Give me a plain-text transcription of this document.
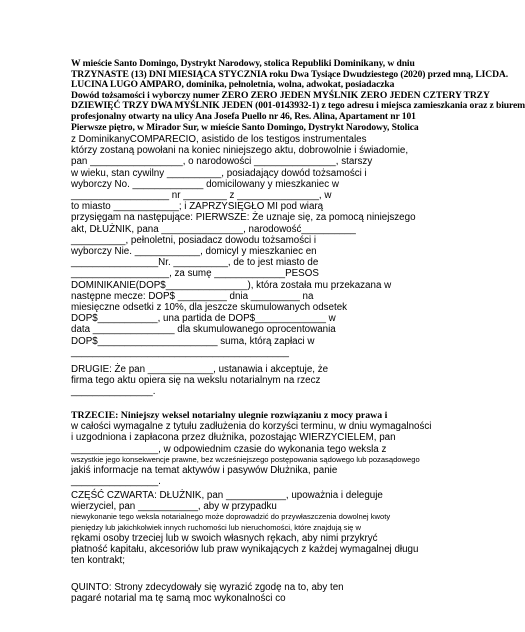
W mieście Santo Domingo, Dystrykt Narodowy, stolica Republiki Dominikany, w dniu
TRZYNASTE (13) DNI MIESIĄCA STYCZNIA roku Dwa Tysiące Dwudziestego (2020) przed mną, LICDA.
LUCINA LUGO AMPARO, dominika, pełnoletnia, wolna, adwokat, posiadaczka
Dowód tożsamości i wyborczy numer ZERO ZERO JEDEN MYŚLNIK ZERO JEDEN CZTERY TRZY
DZIEWIĘĆ TRZY DWA MYŚLNIK JEDEN (001-0143932-1) z tego adresu i miejsca zamieszkania oraz z biurem
profesjonalny otwarty na ulicy Ana Josefa Puello nr 46, Res. Alina, Apartament nr 101
Pierwsze piętro, w Mirador Sur, w mieście Santo Domingo, Dystrykt Narodowy, Stolica
z DominikanyCOMPARECIO, asistido de los testigos instrumentales
którzy zostaną powołani na koniec niniejszego aktu, dobrowolnie i świadomie,
pan _________________, o narodowości _______________, starszy
w wieku, stan cywilny __________, posiadający dowód tożsamości i
wyborczy No. _____________ domicilowany y mieszkaniec w
__________________ nr ________ z _______________, w
to miasto ____________; i ZAPRZYSIĘGŁO MI pod wiarą
przysięgam na następujące: PIERWSZE: Że uznaje się, za pomocą niniejszego
akt, DŁUŻNIK, pana _______________, narodowość__________
__________, pełnoletni, posiadacz dowodu tożsamości i
wyborczy Nie. ____________, domicyl y mieszkaniec en
________________Nr. __________, de to jest miasto de
__________________, za sumę _____________PESOS
DOMINIKANIE(DOP$_______________), która została mu przekazana w
następne mecze: DOP$ _________ dnia _________ na
miesięczne odsetki z 10%, dla jeszcze skumulowanych odsetek
DOP$___________, una partida de DOP$_____________ w
data _______________ dla skumulowanego oprocentowania
DOP$______________________ suma, którą zapłaci w
________________________________________
DRUGIE: Że pan ____________, ustanawia i akceptuje, że
firma tego aktu opiera się na wekslu notarialnym na rzecz
_______________.
TRZECIE: Niniejszy weksel notarialny ulegnie rozwiązaniu z mocy prawa i
w całości wymagalne z tytułu zadłużenia do korzyści terminu, w dniu wymagalności
i uzgodniona i zapłacona przez dłużnika, pozostając WIERZYCIELEM, pan
________________, w odpowiednim czasie do wykonania tego weksla z
wszystkie jego konsekwencje prawne, bez wcześniejszego postępowania sądowego lub pozasądowego
jakiś informacje na temat aktywów i pasywów Dłużnika, panie
________________.
CZĘŚĆ CZWARTA: DŁUŻNIK, pan ___________, upoważnia i deleguje
wierzyciel, pan ___________, aby w przypadku
niewykonanie tego weksla notarialnego może doprowadzić do przywłaszczenia dowolnej kwoty
pieniędzy lub jakichkolwiek innych ruchomości lub nieruchomości, które znajdują się w
rękami osoby trzeciej lub w swoich własnych rękach, aby nimi przykryć
płatność kapitału, akcesoriów lub praw wynikających z każdej wymagalnej długu
ten kontrakt;
QUINTO: Strony zdecydowały się wyrazić zgodę na to, aby ten
pagaré notarial ma tę samą moc wykonalności co
